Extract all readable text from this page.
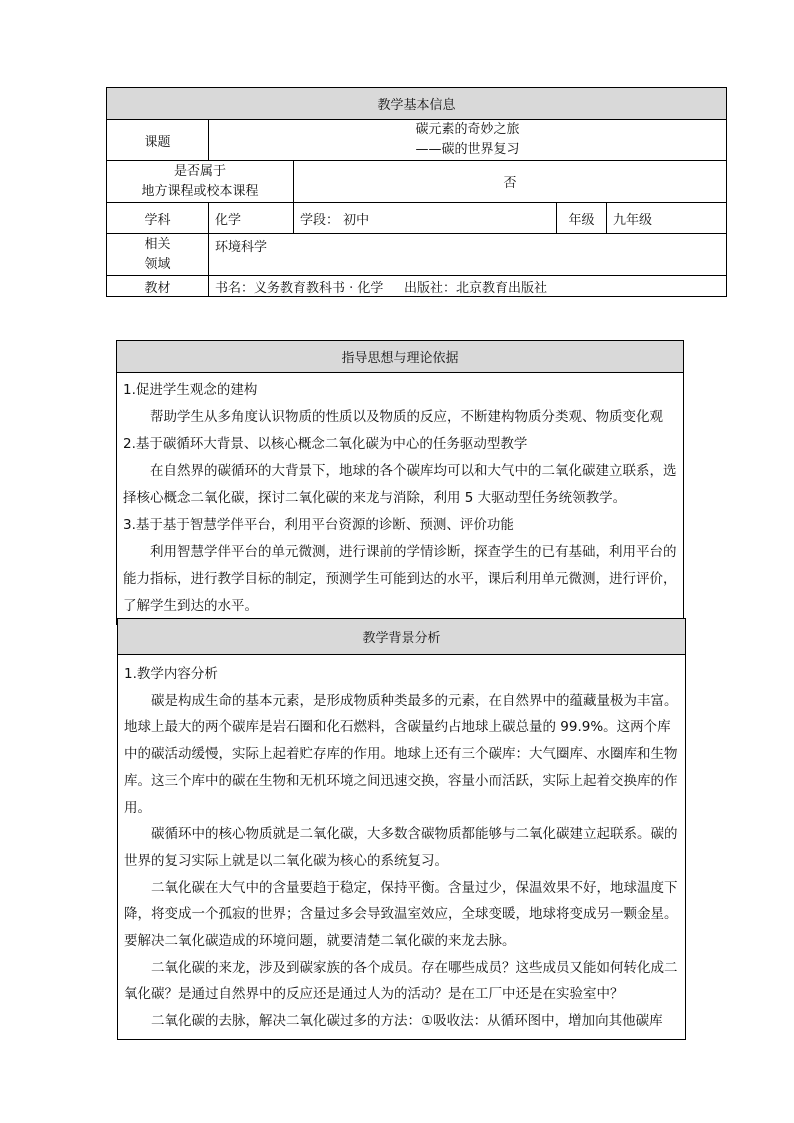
教学基本信息				
课题	碳元素的奇妙之旅
——碳的世界复习			

是否属于
地方课程或校本课程		否		
学科	化学	学段： 初中	年级	九年级

相关
领域	环境科学			
教材	书名：义务教育教科书 · 化学     出版社：北京教育出版社			
指导思想与理论依据

1.促进学生观念的建构

帮助学生从多角度认识物质的性质以及物质的反应，不断建构物质分类观、物质变化观

2.基于碳循环大背景、以核心概念二氧化碳为中心的任务驱动型教学

在自然界的碳循环的大背景下，地球的各个碳库均可以和大气中的二氧化碳建立联系，选择核心概念二氧化碳，探讨二氧化碳的来龙与消除，利用 5 大驱动型任务统领教学。

3.基于基于智慧学伴平台，利用平台资源的诊断、预测、评价功能

利用智慧学伴平台的单元微测，进行课前的学情诊断，探查学生的已有基础，利用平台的能力指标，进行教学目标的制定，预测学生可能到达的水平，课后利用单元微测，进行评价，了解学生到达的水平。

教学背景分析

1.教学内容分析

碳是构成生命的基本元素，是形成物质种类最多的元素，在自然界中的蕴藏量极为丰富。地球上最大的两个碳库是岩石圈和化石燃料，含碳量约占地球上碳总量的 99.9%。这两个库中的碳活动缓慢，实际上起着贮存库的作用。地球上还有三个碳库：大气圈库、水圈库和生物库。这三个库中的碳在生物和无机环境之间迅速交换，容量小而活跃，实际上起着交换库的作用。

碳循环中的核心物质就是二氧化碳，大多数含碳物质都能够与二氧化碳建立起联系。碳的世界的复习实际上就是以二氧化碳为核心的系统复习。

二氧化碳在大气中的含量要趋于稳定，保持平衡。含量过少，保温效果不好，地球温度下降，将变成一个孤寂的世界；含量过多会导致温室效应，全球变暖，地球将变成另一颗金星。要解决二氧化碳造成的环境问题，就要清楚二氧化碳的来龙去脉。

二氧化碳的来龙，涉及到碳家族的各个成员。存在哪些成员？这些成员又能如何转化成二氧化碳？是通过自然界中的反应还是通过人为的活动？是在工厂中还是在实验室中？

二氧化碳的去脉，解决二氧化碳过多的方法：①吸收法：从循环图中，增加向其他碳库
